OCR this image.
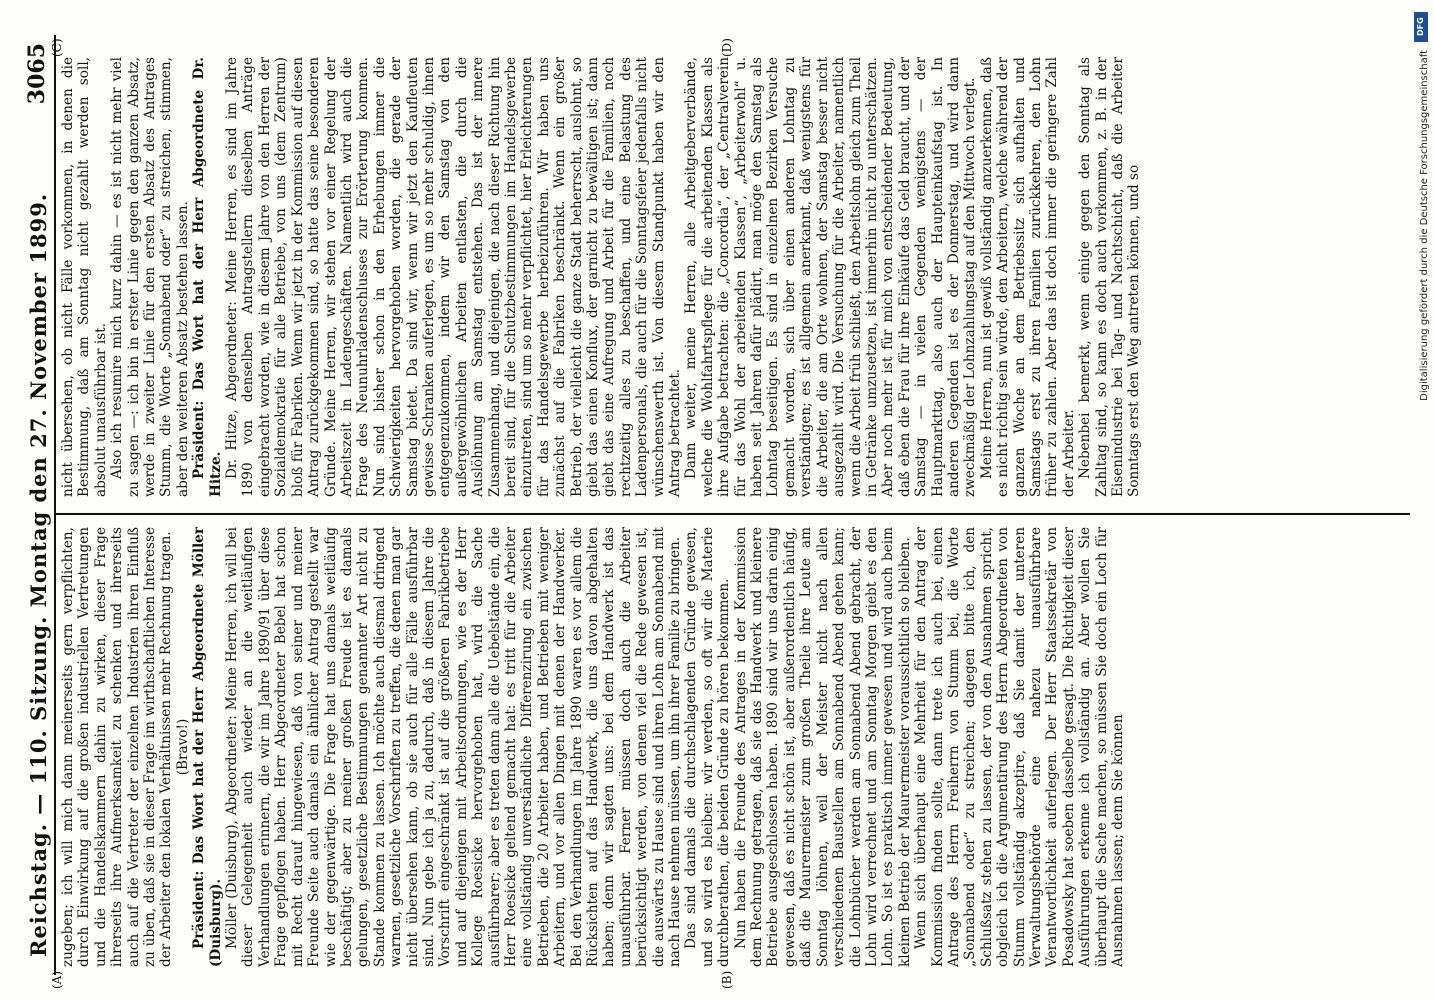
Reichstag. — 110. Sitzung. Montag den 27. November 1899.
3065
(A)	(B)
(C)	(D)

zugeben; ich will mich dann meinerseits gern verpflichten, durch Einwirkung auf die großen industriellen Vertretungen und die Handelskammern dahin zu wirken, dieser Frage ihrerseits ihre Aufmerksamkeit zu schenken und ihrerseits auch auf die Vertreter der einzelnen Industrien ihren Einfluß zu üben, daß sie in dieser Frage im wirthschaftlichen Interesse der Arbeiter den lokalen Verhältnissen mehr Rechnung tragen. (Bravo!) Präsident: Das Wort hat der Herr Abgeordnete Möller (Duisburg). Möller (Duisburg), Abgeordneter: Meine Herren, ich will bei dieser Gelegenheit auch wieder an die weitläufigen Verhandlungen erinnern, die wir im Jahre 1890/91 über diese Frage gepflogen haben. Herr Abgeordneter Bebel hat schon mit Recht darauf hingewiesen, daß von seiner und meiner Freunde Seite auch damals ein ähnlicher Antrag gestellt war wie der gegenwärtige. Die Frage hat uns damals weitläufig beschäftigt; aber zu meiner großen Freude ist es damals gelungen, gesetzliche Bestimmungen genannter Art nicht zu Stande kommen zu lassen. Ich möchte auch diesmal dringend warnen, gesetzliche Vorschriften zu treffen, die denen man gar nicht übersehen kann, ob sie auch für alle Fälle ausführbar sind. Nun gebe ich ja zu, dadurch, daß in diesem Jahre die Vorschrift eingeschränkt ist auf die größeren Fabrikbetriebe und auf diejenigen mit Arbeitsordnungen, wie es der Herr Kollege Roesicke hervorgehoben hat, wird die Sache ausführbarer; aber es treten dann alle die Uebelstände ein, die Herr Roesicke geltend gemacht hat: es tritt für die Arbeiter eine vollständig unverständliche Differenzirung ein zwischen Betrieben, die 20 Arbeiter haben, und Betrieben mit weniger Arbeitern, und vor allen Dingen mit denen der Handwerker. Bei den Verhandlungen im Jahre 1890 waren es vor allem die Rücksichten auf das Handwerk, die uns davon abgehalten haben; denn wir sagten uns: bei dem Handwerk ist das unausführbar. Ferner müssen doch auch die Arbeiter berücksichtigt werden, von denen viel die Rede gewesen ist, die auswärts zu Hause sind und ihren Lohn am Sonnabend mit nach Hause nehmen müssen, um ihn ihrer Familie zu bringen. Das sind damals die durchschlagenden Gründe gewesen, und so wird es bleiben: wir werden, so oft wir die Materie durchberathen, die beiden Gründe zu hören bekommen. Nun haben die Freunde des Antrages in der Kommission dem Rechnung getragen, daß sie das Handwerk und kleinere Betriebe ausgeschlossen haben. 1890 sind wir uns darin einig gewesen, daß es nicht schön ist, aber außerordentlich häufig, daß die Maurermeister zum großen Theile ihre Leute am Sonntag löhnen, weil der Meister nicht nach allen verschiedenen Baustellen am Sonnabend Abend gehen kann; die Lohnbücher werden am Sonnabend Abend gebracht, der Lohn wird verrechnet und am Sonntag Morgen giebt es den Lohn. So ist es praktisch immer gewesen und wird auch beim kleinen Betrieb der Maurermeister voraussichtlich so bleiben. Wenn sich überhaupt eine Mehrheit für den Antrag der Kommission finden sollte, dann trete ich auch bei, einen Antrage des Herrn Freiherrn von Stumm bei, die Worte „Sonnabend oder“ zu streichen; dagegen bitte ich, den Schlußsatz stehen zu lassen, der von den Ausnahmen spricht, obgleich ich die Argumentirung des Herrn Abgeordneten von Stumm vollständig akzeptire, daß Sie damit der unteren Verwaltungsbehörde eine nahezu unausführbare Verantwortlichkeit auferlegen. Der Herr Staatssekretär von Posadowsky hat soeben dasselbe gesagt. Die Richtigkeit dieser Ausführungen erkenne ich vollständig an. Aber wollen Sie überhaupt die Sache machen, so müssen Sie doch ein Loch für Ausnahmen lassen; denn Sie können

nicht übersehen, ob nicht Fälle vorkommen, in denen die Bestimmung, daß am Sonntag nicht gezahlt werden soll, absolut unausführbar ist. Also ich resumire mich kurz dahin — es ist nicht mehr viel zu sagen —: ich bin in erster Linie gegen den ganzen Absatz, werde in zweiter Linie für den ersten Absatz des Antrages Stumm, die Worte „Sonnabend oder“ zu streichen, stimmen, aber den weiteren Absatz bestehen lassen. Präsident: Das Wort hat der Herr Abgeordnete Dr. Hitze. Dr. Hitze, Abgeordneter: Meine Herren, es sind im Jahre 1890 von denselben Antragstellern dieselben Anträge eingebracht worden, wie in diesem Jahre von den Herren der Sozialdemokratie für alle Betriebe, von uns (dem Zentrum) bloß für Fabriken. Wenn wir jetzt in der Kommission auf diesen Antrag zurückgekommen sind, so hatte das seine besonderen Gründe. Meine Herren, wir stehen vor einer Regelung der Arbeitszeit in Ladengeschäften. Namentlich wird auch die Frage des Neunuhrladenschlusses zur Erörterung kommen. Nun sind bisher schon in den Erhebungen immer die Schwierigkeiten hervorgehoben worden, die gerade der Samstag bietet. Da sind wir, wenn wir jetzt den Kaufleuten gewisse Schranken auferlegen, es um so mehr schuldig, ihnen entgegenzukommen, indem wir den Samstag von den außergewöhnlichen Arbeiten entlasten, die durch die Auslöhnung am Samstag entstehen. Das ist der innere Zusammenhang, und diejenigen, die nach dieser Richtung hin bereit sind, für die Schutzbestimmungen im Handelsgewerbe einzutreten, sind um so mehr verpflichtet, hier Erleichterungen für das Handelsgewerbe herbeizuführen. Wir haben uns zunächst auf die Fabriken beschränkt. Wenn ein großer Betrieb, der vielleicht die ganze Stadt beherrscht, auslohnt, so giebt das einen Konflux, der garnicht zu bewältigen ist; dann giebt das eine Aufregung und Arbeit für die Familien, noch rechtzeitig alles zu beschaffen, und eine Belastung des Ladenpersonals, die auch für die Sonntagsfeier jedenfalls nicht wünschenswerth ist. Von diesem Standpunkt haben wir den Antrag betrachtet. Dann weiter, meine Herren, alle Arbeitgeberverbände, welche die Wohlfahrtspflege für die arbeitenden Klassen als ihre Aufgabe betrachten: die „Concordia“, der „Centralverein für das Wohl der arbeitenden Klassen“, „Arbeiterwohl“ u. haben seit Jahren dafür plädirt, man möge den Samstag als Lohntag beseitigen. Es sind in einzelnen Bezirken Versuche gemacht worden, sich über einen anderen Lohntag zu verständigen; es ist allgemein anerkannt, daß wenigstens für die Arbeiter, die am Orte wohnen, der Samstag besser nicht ausgezahlt wird. Die Versuchung für die Arbeiter, namentlich wenn die Arbeit früh schließt, den Arbeitslohn gleich zum Theil in Getränke umzusetzen, ist immerhin nicht zu unterschätzen. Aber noch mehr ist für mich von entscheidender Bedeutung, daß eben die Frau für ihre Einkäufe das Geld braucht, und der Samstag — in vielen Gegenden wenigstens — der Hauptmarkttag, also auch der Haupteinkaufstag ist. In anderen Gegenden ist es der Donnerstag, und wird dann zweckmäßig der Lohnzahlungstag auf den Mittwoch verlegt. Meine Herren, nun ist gewiß vollständig anzuerkennen, daß es nicht richtig sein würde, den Arbeitern, welche während der ganzen Woche an dem Betriebssitz sich aufhalten und Samstags erst zu ihren Familien zurückkehren, den Lohn früher zu zahlen. Aber das ist doch immer die geringere Zahl der Arbeiter. Nebenbei bemerkt, wenn einige gegen den Sonntag als Zahltag sind, so kann es doch auch vorkommen, z. B. in der Eisenindustrie bei Tag- und Nachtschicht, daß die Arbeiter Sonntags erst den Weg antreten können, und so

DFG
Digitalisierung gefördert durch die Deutsche Forschungsgemeinschaft
